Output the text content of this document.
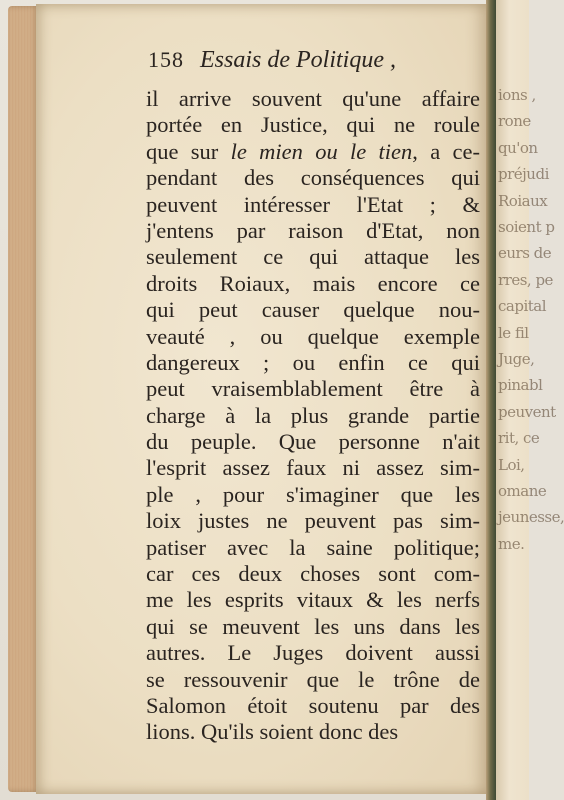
ions ,
rone
qu'on
préjudi
Roiaux
soient p
eurs de
rres, pe
capital
le fil
Juge,
pinabl
peuvent
rit, ce
Loi,
omane
jeunesse,
me.
158 Essais de Politique ,
il arrive souvent qu'une affaire
portée en Justice, qui ne roule
que sur le mien ou le tien, a ce-
pendant des conséquences qui
peuvent intéresser l'Etat ; &
j'entens par raison d'Etat, non
seulement ce qui attaque les
droits Roiaux, mais encore ce
qui peut causer quelque nou-
veauté , ou quelque exemple
dangereux ; ou enfin ce qui
peut vraisemblablement être à
charge à la plus grande partie
du peuple. Que personne n'ait
l'esprit assez faux ni assez sim-
ple , pour s'imaginer que les
loix justes ne peuvent pas sim-
patiser avec la saine politique;
car ces deux choses sont com-
me les esprits vitaux & les nerfs
qui se meuvent les uns dans les
autres. Le Juges doivent aussi
se ressouvenir que le trône de
Salomon étoit soutenu par des
lions. Qu'ils soient donc des
